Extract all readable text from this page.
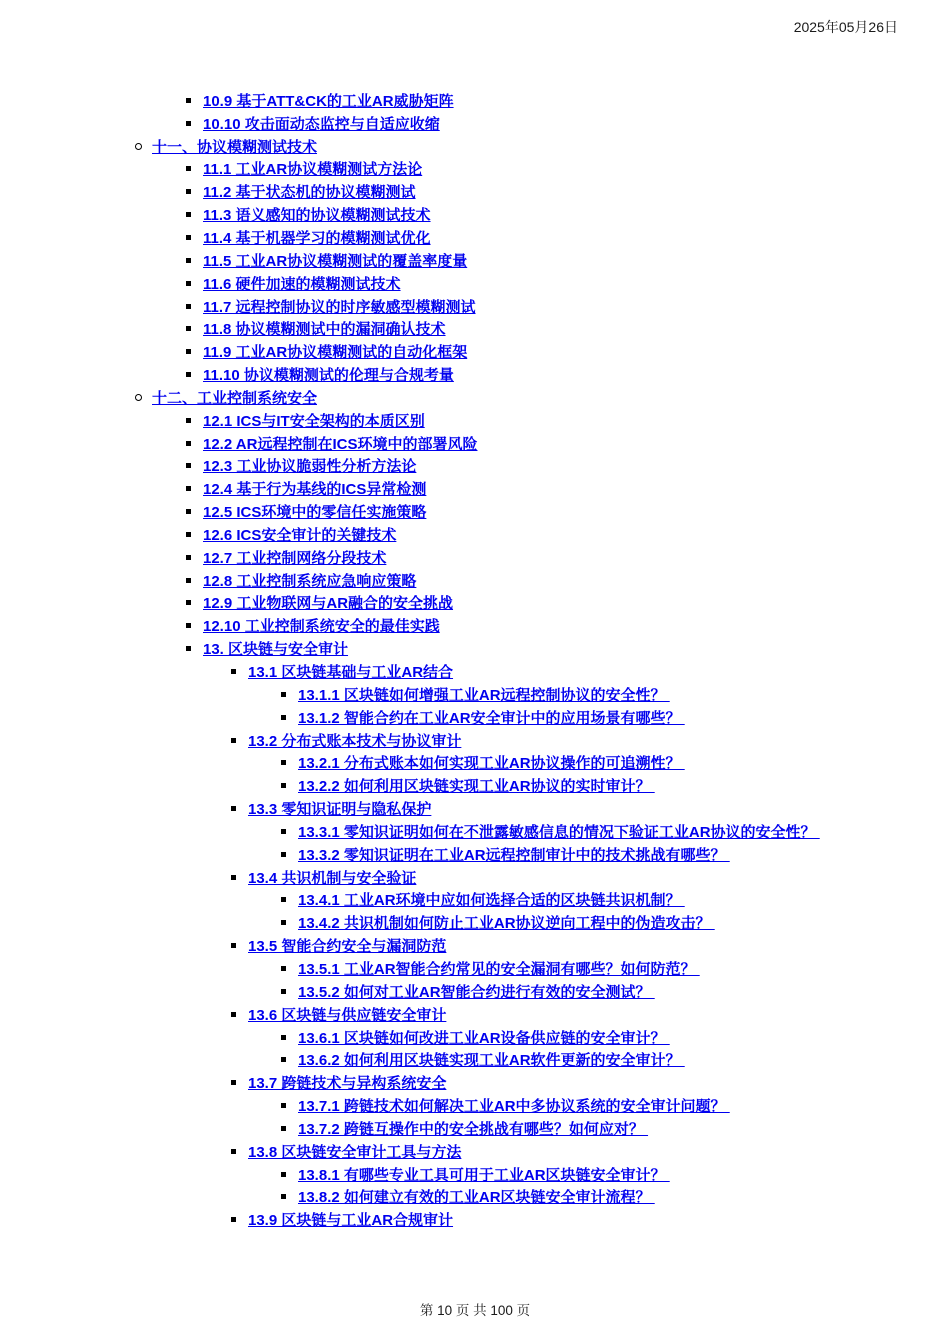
2025年05月26日
10.9 基于ATT&CK的工业AR威胁矩阵
10.10 攻击面动态监控与自适应收缩
十一、协议模糊测试技术
11.1 工业AR协议模糊测试方法论
11.2 基于状态机的协议模糊测试
11.3 语义感知的协议模糊测试技术
11.4 基于机器学习的模糊测试优化
11.5 工业AR协议模糊测试的覆盖率度量
11.6 硬件加速的模糊测试技术
11.7 远程控制协议的时序敏感型模糊测试
11.8 协议模糊测试中的漏洞确认技术
11.9 工业AR协议模糊测试的自动化框架
11.10 协议模糊测试的伦理与合规考量
十二、工业控制系统安全
12.1 ICS与IT安全架构的本质区别
12.2 AR远程控制在ICS环境中的部署风险
12.3 工业协议脆弱性分析方法论
12.4 基于行为基线的ICS异常检测
12.5 ICS环境中的零信任实施策略
12.6 ICS安全审计的关键技术
12.7 工业控制网络分段技术
12.8 工业控制系统应急响应策略
12.9 工业物联网与AR融合的安全挑战
12.10 工业控制系统安全的最佳实践
13. 区块链与安全审计
13.1 区块链基础与工业AR结合
13.1.1 区块链如何增强工业AR远程控制协议的安全性？
13.1.2 智能合约在工业AR安全审计中的应用场景有哪些？
13.2 分布式账本技术与协议审计
13.2.1 分布式账本如何实现工业AR协议操作的可追溯性？
13.2.2 如何利用区块链实现工业AR协议的实时审计？
13.3 零知识证明与隐私保护
13.3.1 零知识证明如何在不泄露敏感信息的情况下验证工业AR协议的安全性？
13.3.2 零知识证明在工业AR远程控制审计中的技术挑战有哪些？
13.4 共识机制与安全验证
13.4.1 工业AR环境中应如何选择合适的区块链共识机制？
13.4.2 共识机制如何防止工业AR协议逆向工程中的伪造攻击？
13.5 智能合约安全与漏洞防范
13.5.1 工业AR智能合约常见的安全漏洞有哪些？如何防范？
13.5.2 如何对工业AR智能合约进行有效的安全测试？
13.6 区块链与供应链安全审计
13.6.1 区块链如何改进工业AR设备供应链的安全审计？
13.6.2 如何利用区块链实现工业AR软件更新的安全审计？
13.7 跨链技术与异构系统安全
13.7.1 跨链技术如何解决工业AR中多协议系统的安全审计问题？
13.7.2 跨链互操作中的安全挑战有哪些？如何应对？
13.8 区块链安全审计工具与方法
13.8.1 有哪些专业工具可用于工业AR区块链安全审计？
13.8.2 如何建立有效的工业AR区块链安全审计流程？
13.9 区块链与工业AR合规审计
第 10 页 共 100 页
